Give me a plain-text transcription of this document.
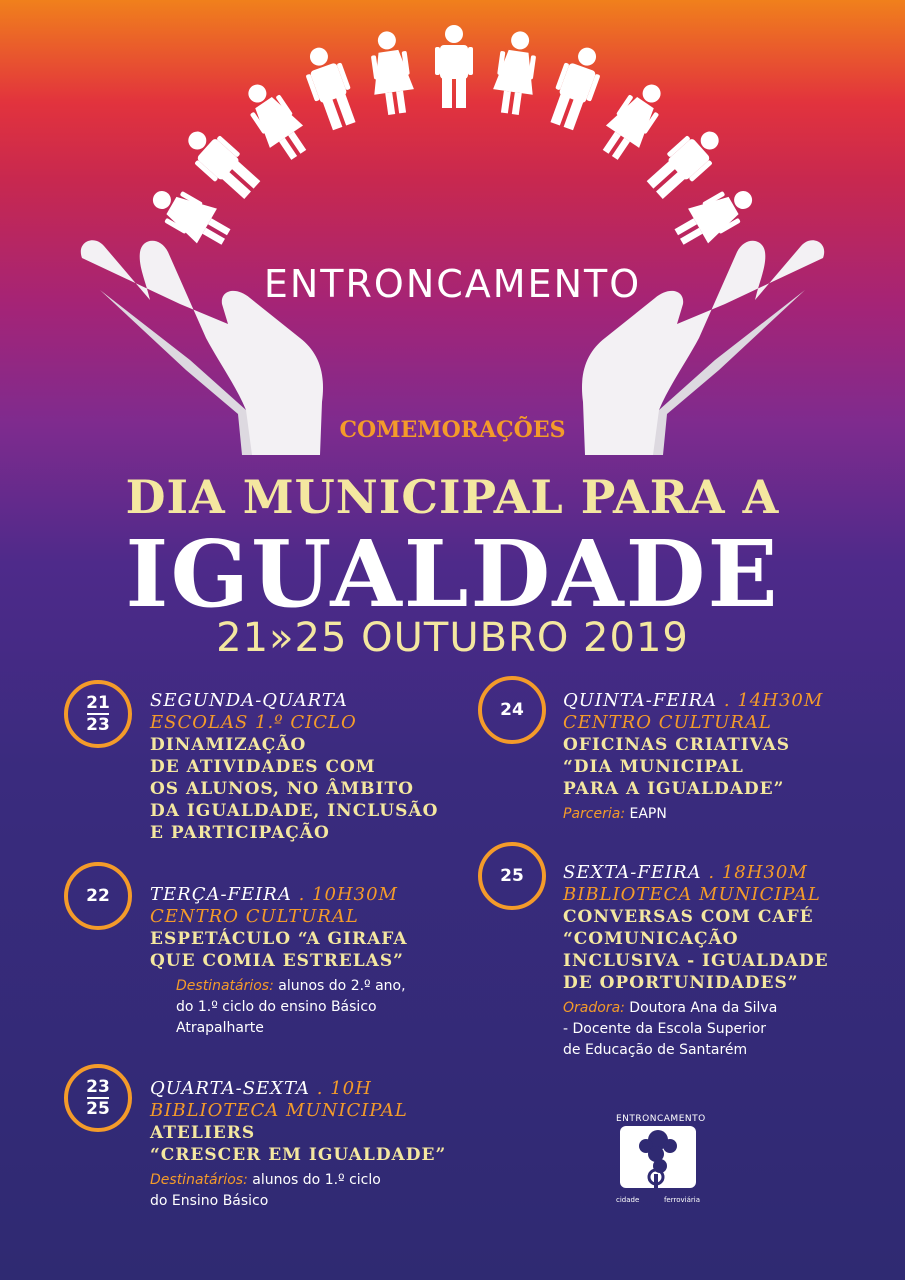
ENTRONCAMENTO
COMEMORAÇÕES
DIA MUNICIPAL PARA A
IGUALDADE
21»25 OUTUBRO 2019
21
23
SEGUNDA-QUARTA
ESCOLAS 1.º CICLO
DINAMIZAÇÃO
DE ATIVIDADES COM
OS ALUNOS, NO ÂMBITO
DA IGUALDADE, INCLUSÃO
E PARTICIPAÇÃO
22 TERÇA-FEIRA . 10H30M
CENTRO CULTURAL
ESPETÁCULO “A GIRAFA
QUE COMIA ESTRELAS”
Destinatários: alunos do 2.º ano,
do 1.º ciclo do ensino Básico
Atrapalharte
23
25
QUARTA-SEXTA . 10H
BIBLIOTECA MUNICIPAL
ATELIERS
“CRESCER EM IGUALDADE”
Destinatários: alunos do 1.º ciclo
do Ensino Básico
24 QUINTA-FEIRA . 14H30M
CENTRO CULTURAL
OFICINAS CRIATIVAS
“DIA MUNICIPAL
PARA A IGUALDADE”
Parceria: EAPN
25 SEXTA-FEIRA . 18H30M
BIBLIOTECA MUNICIPAL
CONVERSAS COM CAFÉ
“COMUNICAÇÃO
INCLUSIVA - IGUALDADE
DE OPORTUNIDADES”
Oradora: Doutora Ana da Silva
- Docente da Escola Superior
de Educação de Santarém
ENTRONCAMENTO
cidade	ferroviária
